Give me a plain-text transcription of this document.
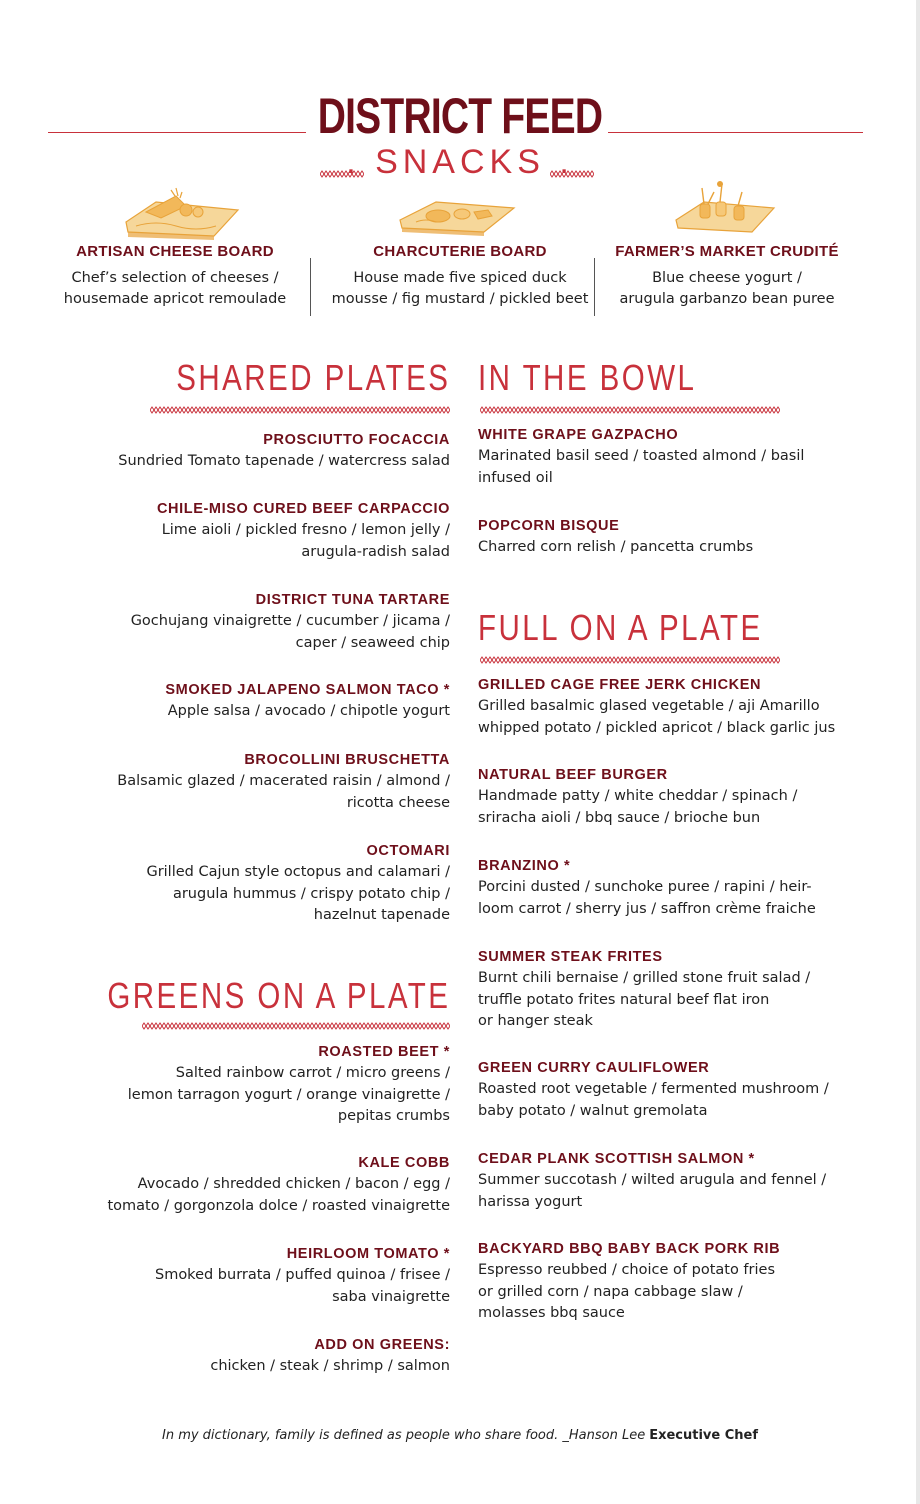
DISTRICT FEED
. SNACKS .
ARTISAN CHEESE BOARD
Chef’s selection of cheeses /
housemade apricot remoulade
CHARCUTERIE BOARD
House made five spiced duck
mousse / fig mustard / pickled beet
FARMER’S MARKET CRUDITÉ
Blue cheese yogurt /
arugula garbanzo bean puree
SHARED PLATES
PROSCIUTTO FOCACCIA
Sundried Tomato tapenade / watercress salad
CHILE-MISO CURED BEEF CARPACCIO
Lime aioli / pickled fresno / lemon jelly /
arugula-radish salad
DISTRICT TUNA TARTARE
Gochujang vinaigrette / cucumber / jicama /
caper / seaweed chip
SMOKED JALAPENO SALMON TACO *
Apple salsa / avocado / chipotle yogurt
BROCOLLINI BRUSCHETTA
Balsamic glazed / macerated raisin / almond /
ricotta cheese
OCTOMARI
Grilled Cajun style octopus and calamari /
arugula hummus / crispy potato chip /
hazelnut tapenade
GREENS ON A PLATE
ROASTED BEET *
Salted rainbow carrot / micro greens /
lemon tarragon yogurt / orange vinaigrette /
pepitas crumbs
KALE COBB
Avocado / shredded chicken / bacon / egg /
tomato / gorgonzola dolce / roasted vinaigrette
HEIRLOOM TOMATO *
Smoked burrata / puffed quinoa / frisee /
saba vinaigrette
ADD ON GREENS:
chicken / steak / shrimp / salmon
IN THE BOWL
WHITE GRAPE GAZPACHO
Marinated basil seed / toasted almond / basil
infused oil
POPCORN BISQUE
Charred corn relish / pancetta crumbs
FULL ON A PLATE
GRILLED CAGE FREE JERK CHICKEN
Grilled basalmic glased vegetable / aji Amarillo
whipped potato / pickled apricot / black garlic jus
NATURAL BEEF BURGER
Handmade patty / white cheddar / spinach /
sriracha aioli / bbq sauce / brioche bun
BRANZINO *
Porcini dusted / sunchoke puree / rapini / heir-
loom carrot / sherry jus / saffron crème fraiche
SUMMER STEAK FRITES
Burnt chili bernaise / grilled stone fruit salad /
truffle potato frites natural beef flat iron
or hanger steak
GREEN CURRY CAULIFLOWER
Roasted root vegetable / fermented mushroom /
baby potato / walnut gremolata
CEDAR PLANK SCOTTISH SALMON *
Summer succotash / wilted arugula and fennel /
harissa yogurt
BACKYARD BBQ BABY BACK PORK RIB
Espresso reubbed / choice of potato fries
or grilled corn / napa cabbage slaw /
molasses bbq sauce
In my dictionary, family is defined as people who share food. _Hanson Lee Executive Chef
